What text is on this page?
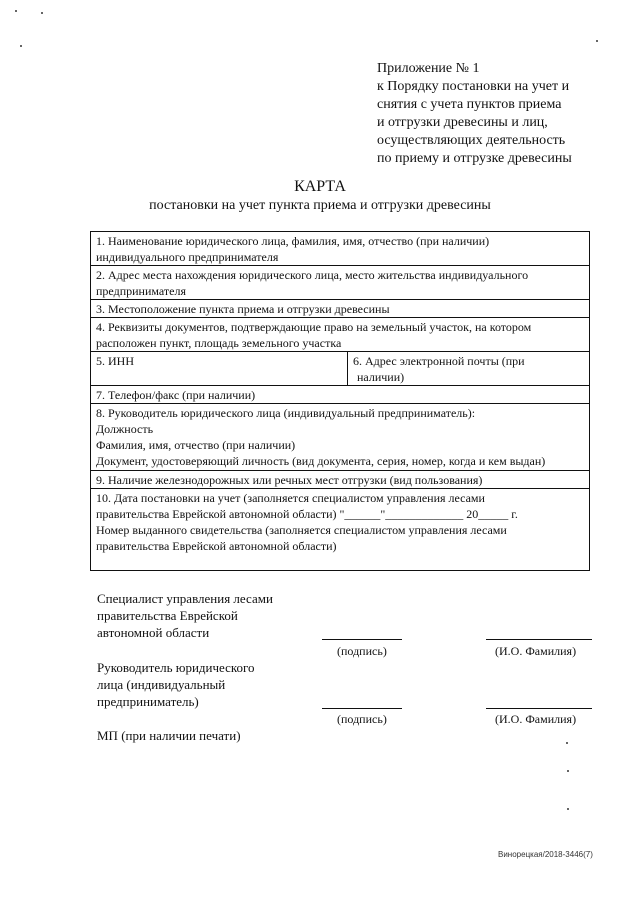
Приложение № 1
к Порядку постановки на учет и
снятия с учета пунктов приема
и отгрузки древесины и лиц,
осуществляющих деятельность
по приему и отгрузке древесины
КАРТА
постановки на учет пункта приема и отгрузки древесины
1. Наименование юридического лица, фамилия, имя, отчество (при наличии)
индивидуального предпринимателя
2. Адрес места нахождения юридического лица, место жительства индивидуального
предпринимателя
3. Местоположение пункта приема и отгрузки древесины
4. Реквизиты документов, подтверждающие право на земельный участок, на котором
расположен пункт, площадь земельного участка
5. ИНН	6. Адрес электронной почты (при
наличии)
7. Телефон/факс (при наличии)
8. Руководитель юридического лица (индивидуальный предприниматель):
Должность
Фамилия, имя, отчество (при наличии)
Документ, удостоверяющий личность (вид документа, серия, номер, когда и кем выдан)
9. Наличие железнодорожных или речных мест отгрузки (вид пользования)
10. Дата постановки на учет (заполняется специалистом управления лесами
правительства Еврейской автономной области) "______"_____________ 20_____ г.
Номер выданного свидетельства (заполняется специалистом управления лесами
правительства Еврейской автономной области)
Специалист управления лесами
правительства Еврейской
автономной области
(подпись)	(И.О. Фамилия)
Руководитель юридического
лица (индивидуальный
предприниматель)
(подпись)	(И.О. Фамилия)
МП (при наличии печати)
Винорецкая/2018-3446(7)
